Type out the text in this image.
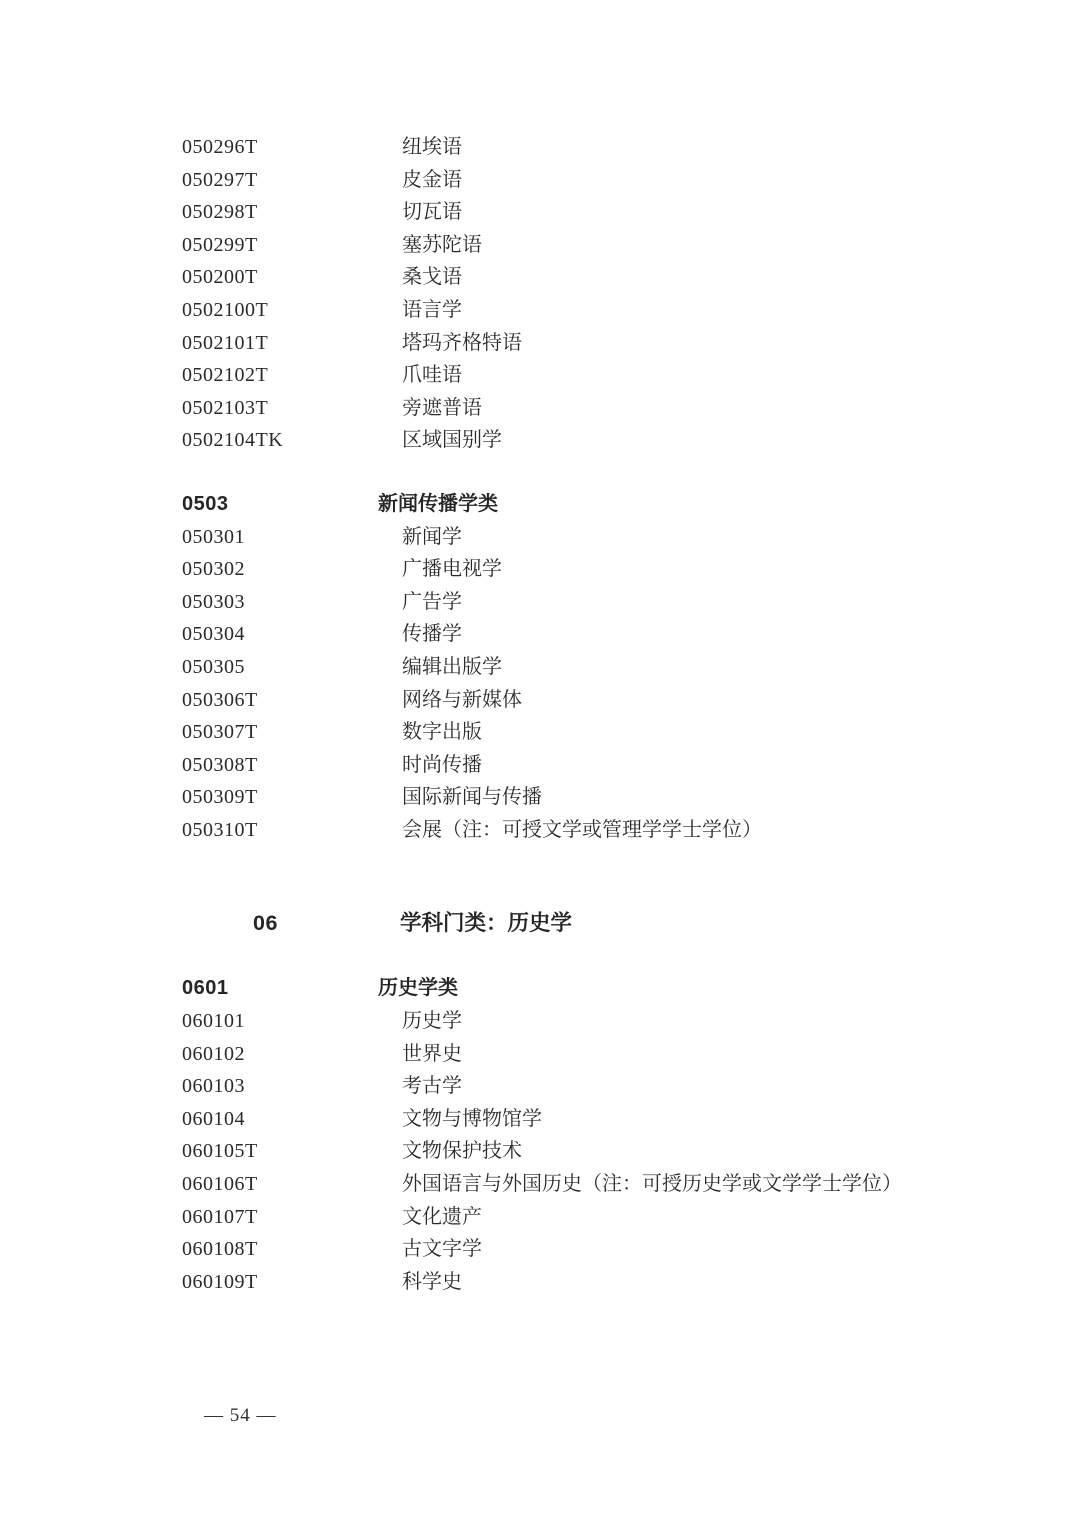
050296T	纽埃语
050297T	皮金语
050298T	切瓦语
050299T	塞苏陀语
050200T	桑戈语
0502100T	语言学
0502101T	塔玛齐格特语
0502102T	爪哇语
0502103T	旁遮普语
0502104TK	区域国别学
0503	新闻传播学类
050301	新闻学
050302	广播电视学
050303	广告学
050304	传播学
050305	编辑出版学
050306T	网络与新媒体
050307T	数字出版
050308T	时尚传播
050309T	国际新闻与传播
050310T	会展（注：可授文学或管理学学士学位）
06	学科门类：历史学
0601	历史学类
060101	历史学
060102	世界史
060103	考古学
060104	文物与博物馆学
060105T	文物保护技术
060106T	外国语言与外国历史（注：可授历史学或文学学士学位）
060107T	文化遗产
060108T	古文字学
060109T	科学史
— 54 —
